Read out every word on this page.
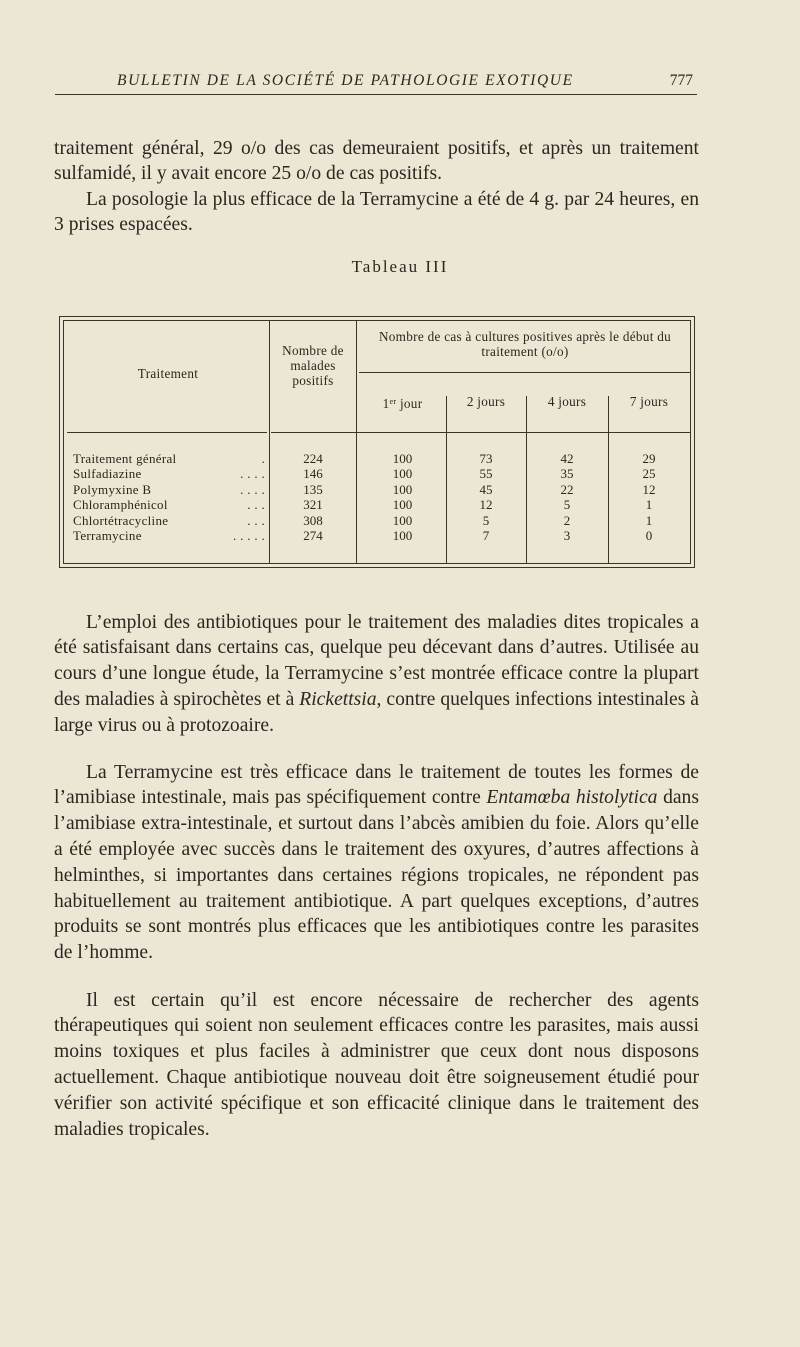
BULLETIN DE LA SOCIÉTÉ DE PATHOLOGIE EXOTIQUE	777

traitement général, 29 o/o des cas demeuraient positifs, et après un traitement sulfamidé, il y avait encore 25 o/o de cas positifs.

La posologie la plus efficace de la Terramycine a été de 4 g. par 24 heures, en 3 prises espacées.

Tableau III
Traitement
Nombre de malades positifs
Nombre de cas à cultures positives après le début du traitement (o/o)
1er jour	2 jours	4 jours	7 jours
Traitement général	.	224	100	73	42	29
Sulfadiazine	. . . .	146	100	55	35	25
Polymyxine B	. . . .	135	100	45	22	12
Chloramphénicol	. . .	321	100	12	5	1
Chlortétracycline	. . .	308	100	5	2	1
Terramycine	. . . . .	274	100	7	3	0

L’emploi des antibiotiques pour le traitement des maladies dites tropicales a été satisfaisant dans certains cas, quelque peu décevant dans d’autres. Utilisée au cours d’une longue étude, la Terramycine s’est montrée efficace contre la plupart des maladies à spirochètes et à Rickettsia, contre quelques infections intestinales à large virus ou à protozoaire.

La Terramycine est très efficace dans le traitement de toutes les formes de l’amibiase intestinale, mais pas spécifiquement contre Entamœba histolytica dans l’amibiase extra-intestinale, et surtout dans l’abcès amibien du foie. Alors qu’elle a été employée avec succès dans le traitement des oxyures, d’autres affections à helminthes, si importantes dans certaines régions tropicales, ne répondent pas habituellement au traitement antibiotique. A part quelques exceptions, d’autres produits se sont montrés plus efficaces que les antibiotiques contre les parasites de l’homme.

Il est certain qu’il est encore nécessaire de rechercher des agents thérapeutiques qui soient non seulement efficaces contre les parasites, mais aussi moins toxiques et plus faciles à administrer que ceux dont nous disposons actuellement. Chaque antibiotique nouveau doit être soigneusement étudié pour vérifier son activité spécifique et son efficacité clinique dans le traitement des maladies tropicales.
